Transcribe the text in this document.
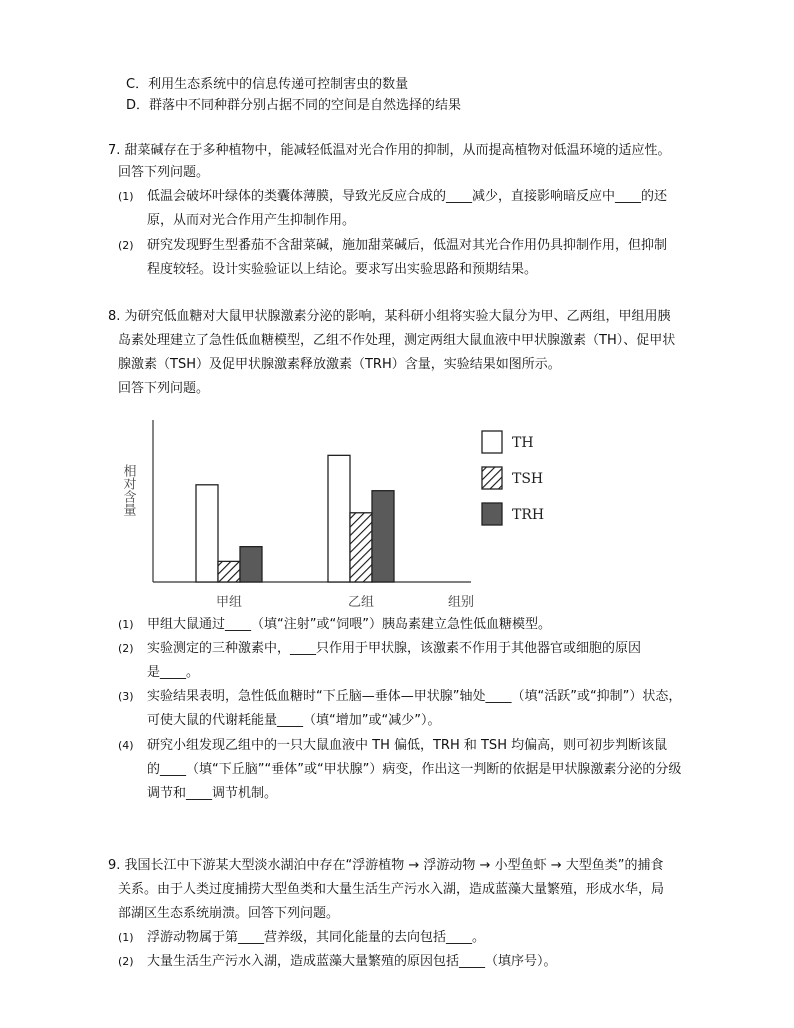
C．利用生态系统中的信息传递可控制害虫的数量
D．群落中不同种群分别占据不同的空间是自然选择的结果
7. 甜菜碱存在于多种植物中，能减轻低温对光合作用的抑制，从而提高植物对低温环境的适应性。
回答下列问题。
(1) 低温会破坏叶绿体的类囊体薄膜，导致光反应合成的____减少，直接影响暗反应中____的还
原，从而对光合作用产生抑制作用。
(2) 研究发现野生型番茄不含甜菜碱，施加甜菜碱后，低温对其光合作用仍具抑制作用，但抑制
程度较轻。设计实验验证以上结论。要求写出实验思路和预期结果。
8. 为研究低血糖对大鼠甲状腺激素分泌的影响，某科研小组将实验大鼠分为甲、乙两组，甲组用胰
岛素处理建立了急性低血糖模型，乙组不作处理，测定两组大鼠血液中甲状腺激素（TH）、促甲状
腺激素（TSH）及促甲状腺激素释放激素（TRH）含量，实验结果如图所示。
回答下列问题。
相对含量
组别
甲组	乙组
TH
TSH
TRH
(1) 甲组大鼠通过____（填“注射”或“饲喂”）胰岛素建立急性低血糖模型。
(2) 实验测定的三种激素中，____只作用于甲状腺，该激素不作用于其他器官或细胞的原因
是____。
(3) 实验结果表明，急性低血糖时“下丘脑—垂体—甲状腺”轴处____（填“活跃”或“抑制”）状态，
可使大鼠的代谢耗能量____（填“增加”或“减少”）。
(4) 研究小组发现乙组中的一只大鼠血液中 TH 偏低，TRH 和 TSH 均偏高，则可初步判断该鼠
的____（填“下丘脑”“垂体”或“甲状腺”）病变，作出这一判断的依据是甲状腺激素分泌的分级
调节和____调节机制。
9. 我国长江中下游某大型淡水湖泊中存在“浮游植物 → 浮游动物 → 小型鱼虾 → 大型鱼类”的捕食
关系。由于人类过度捕捞大型鱼类和大量生活生产污水入湖，造成蓝藻大量繁殖，形成水华，局
部湖区生态系统崩溃。回答下列问题。
(1) 浮游动物属于第____营养级，其同化能量的去向包括____。
(2) 大量生活生产污水入湖，造成蓝藻大量繁殖的原因包括____（填序号）。
